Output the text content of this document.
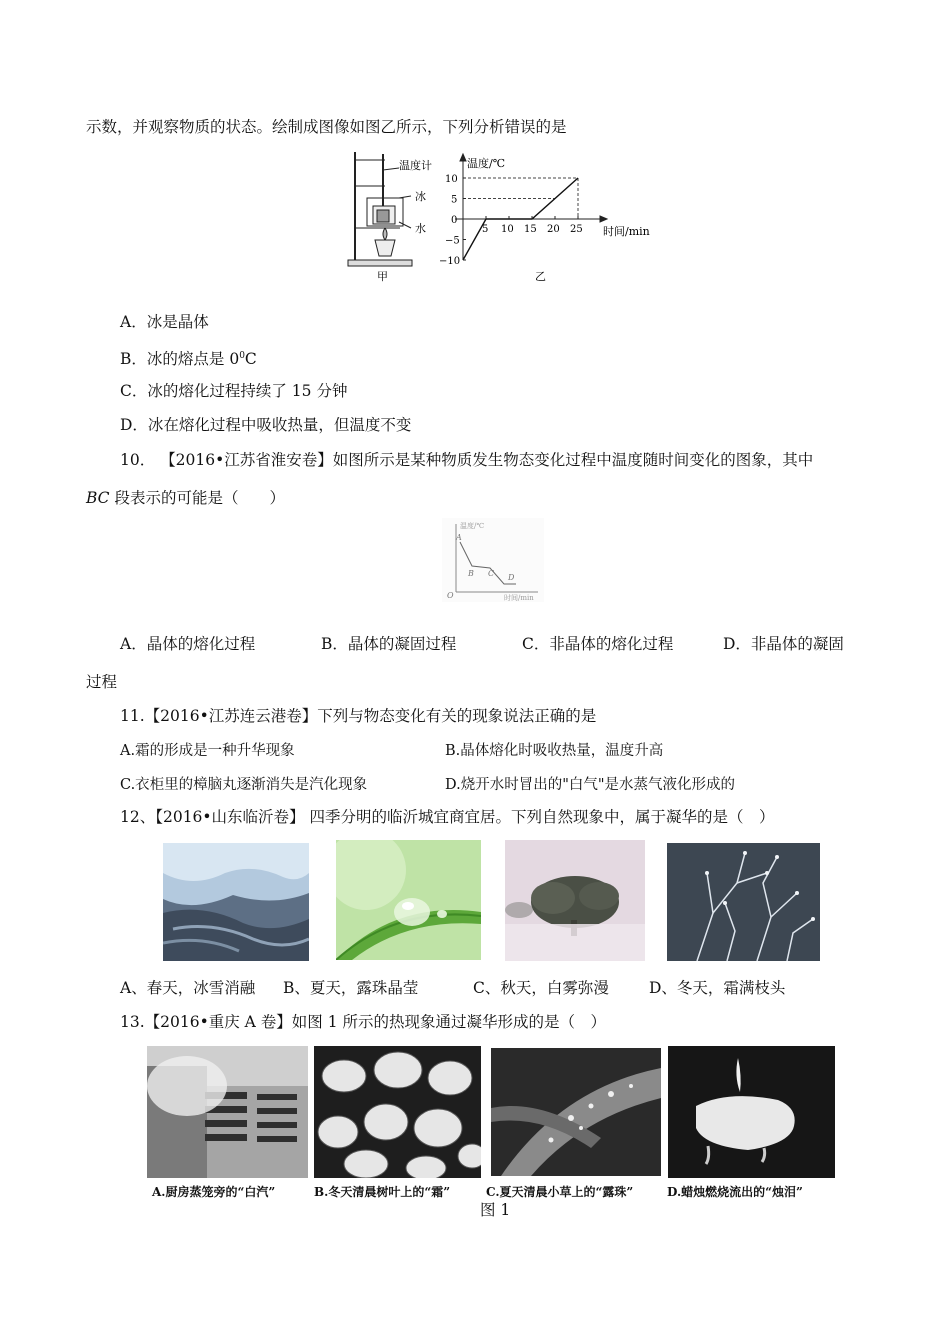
示数，并观察物质的状态。绘制成图像如图乙所示，下列分析错误的是
温度计
冰
水
甲
5 10 15 20 25
10
5
0
−5
−10
温度/℃
时间/min
乙
A．冰是晶体
B．冰的熔点是 $0^0C$
C．冰的熔化过程持续了 15 分钟
D．冰在熔化过程中吸收热量，但温度不变
10． 【2016•江苏省淮安卷】如图所示是某种物质发生物态变化过程中温度随时间变化的图象，其中
BC 段表示的可能是（　　）
温度/℃
时间/min
A
B C D
O
A．晶体的熔化过程	B．晶体的凝固过程	C．非晶体的熔化过程	D．非晶体的凝固
过程
11.【2016•江苏连云港卷】下列与物态变化有关的现象说法正确的是
A.霜的形成是一种升华现象	B.晶体熔化时吸收热量，温度升高
C.衣柜里的樟脑丸逐渐消失是汽化现象	D.烧开水时冒出的"白气"是水蒸气液化形成的
12、【2016•山东临沂卷】 四季分明的临沂城宜商宜居。下列自然现象中，属于凝华的是（　）
A、春天，冰雪消融 B、夏天，露珠晶莹	C、秋天，白雾弥漫	D、冬天，霜满枝头
13.【2016•重庆 A 卷】如图 1 所示的热现象通过凝华形成的是（　）
A.厨房蒸笼旁的“白汽”	B.冬天清晨树叶上的“霜”	C.夏天清晨小草上的“露珠”	D.蜡烛燃烧流出的“烛泪”
图 1
